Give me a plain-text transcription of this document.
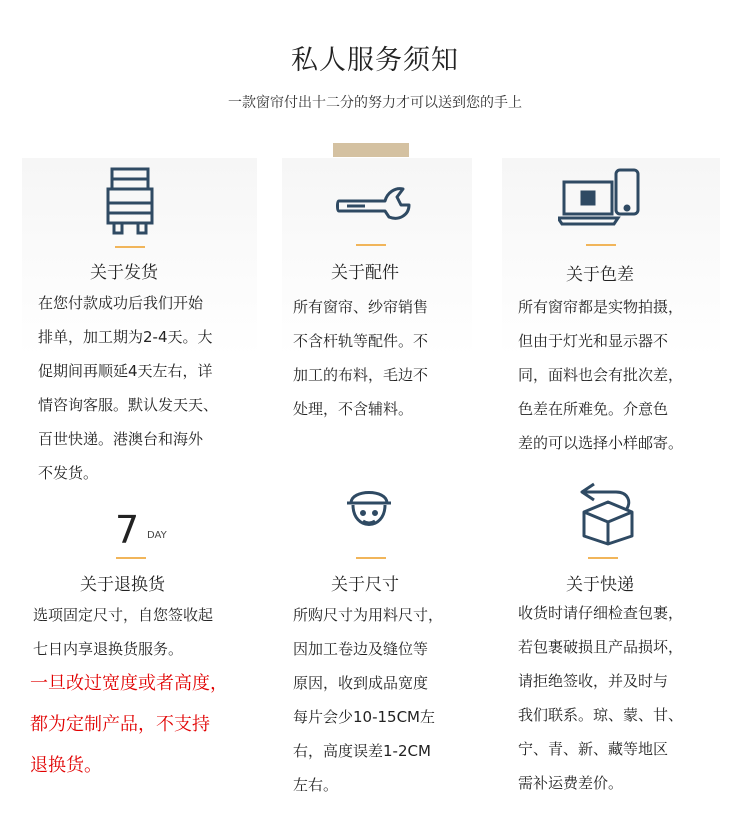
私人服务须知
一款窗帘付出十二分的努力才可以送到您的手上
关于发货
在您付款成功后我们开始
排单，加工期为2-4天。大
促期间再顺延4天左右，详
情咨询客服。默认发天天、
百世快递。港澳台和海外
不发货。
关于配件
所有窗帘、纱帘销售
不含杆轨等配件。不
加工的布料，毛边不
处理，不含辅料。
关于色差
所有窗帘都是实物拍摄，
但由于灯光和显示器不
同，面料也会有批次差，
色差在所难免。介意色
差的可以选择小样邮寄。
7 DAY
关于退换货
选项固定尺寸，自您签收起
七日内享退换货服务。
一旦改过宽度或者高度，
都为定制产品，不支持
退换货。
关于尺寸
所购尺寸为用料尺寸，
因加工卷边及缝位等
原因，收到成品宽度
每片会少10-15CM左
右，高度误差1-2CM
左右。
关于快递
收货时请仔细检查包裹，
若包裹破损且产品损坏，
请拒绝签收，并及时与
我们联系。琼、蒙、甘、
宁、青、新、藏等地区
需补运费差价。
